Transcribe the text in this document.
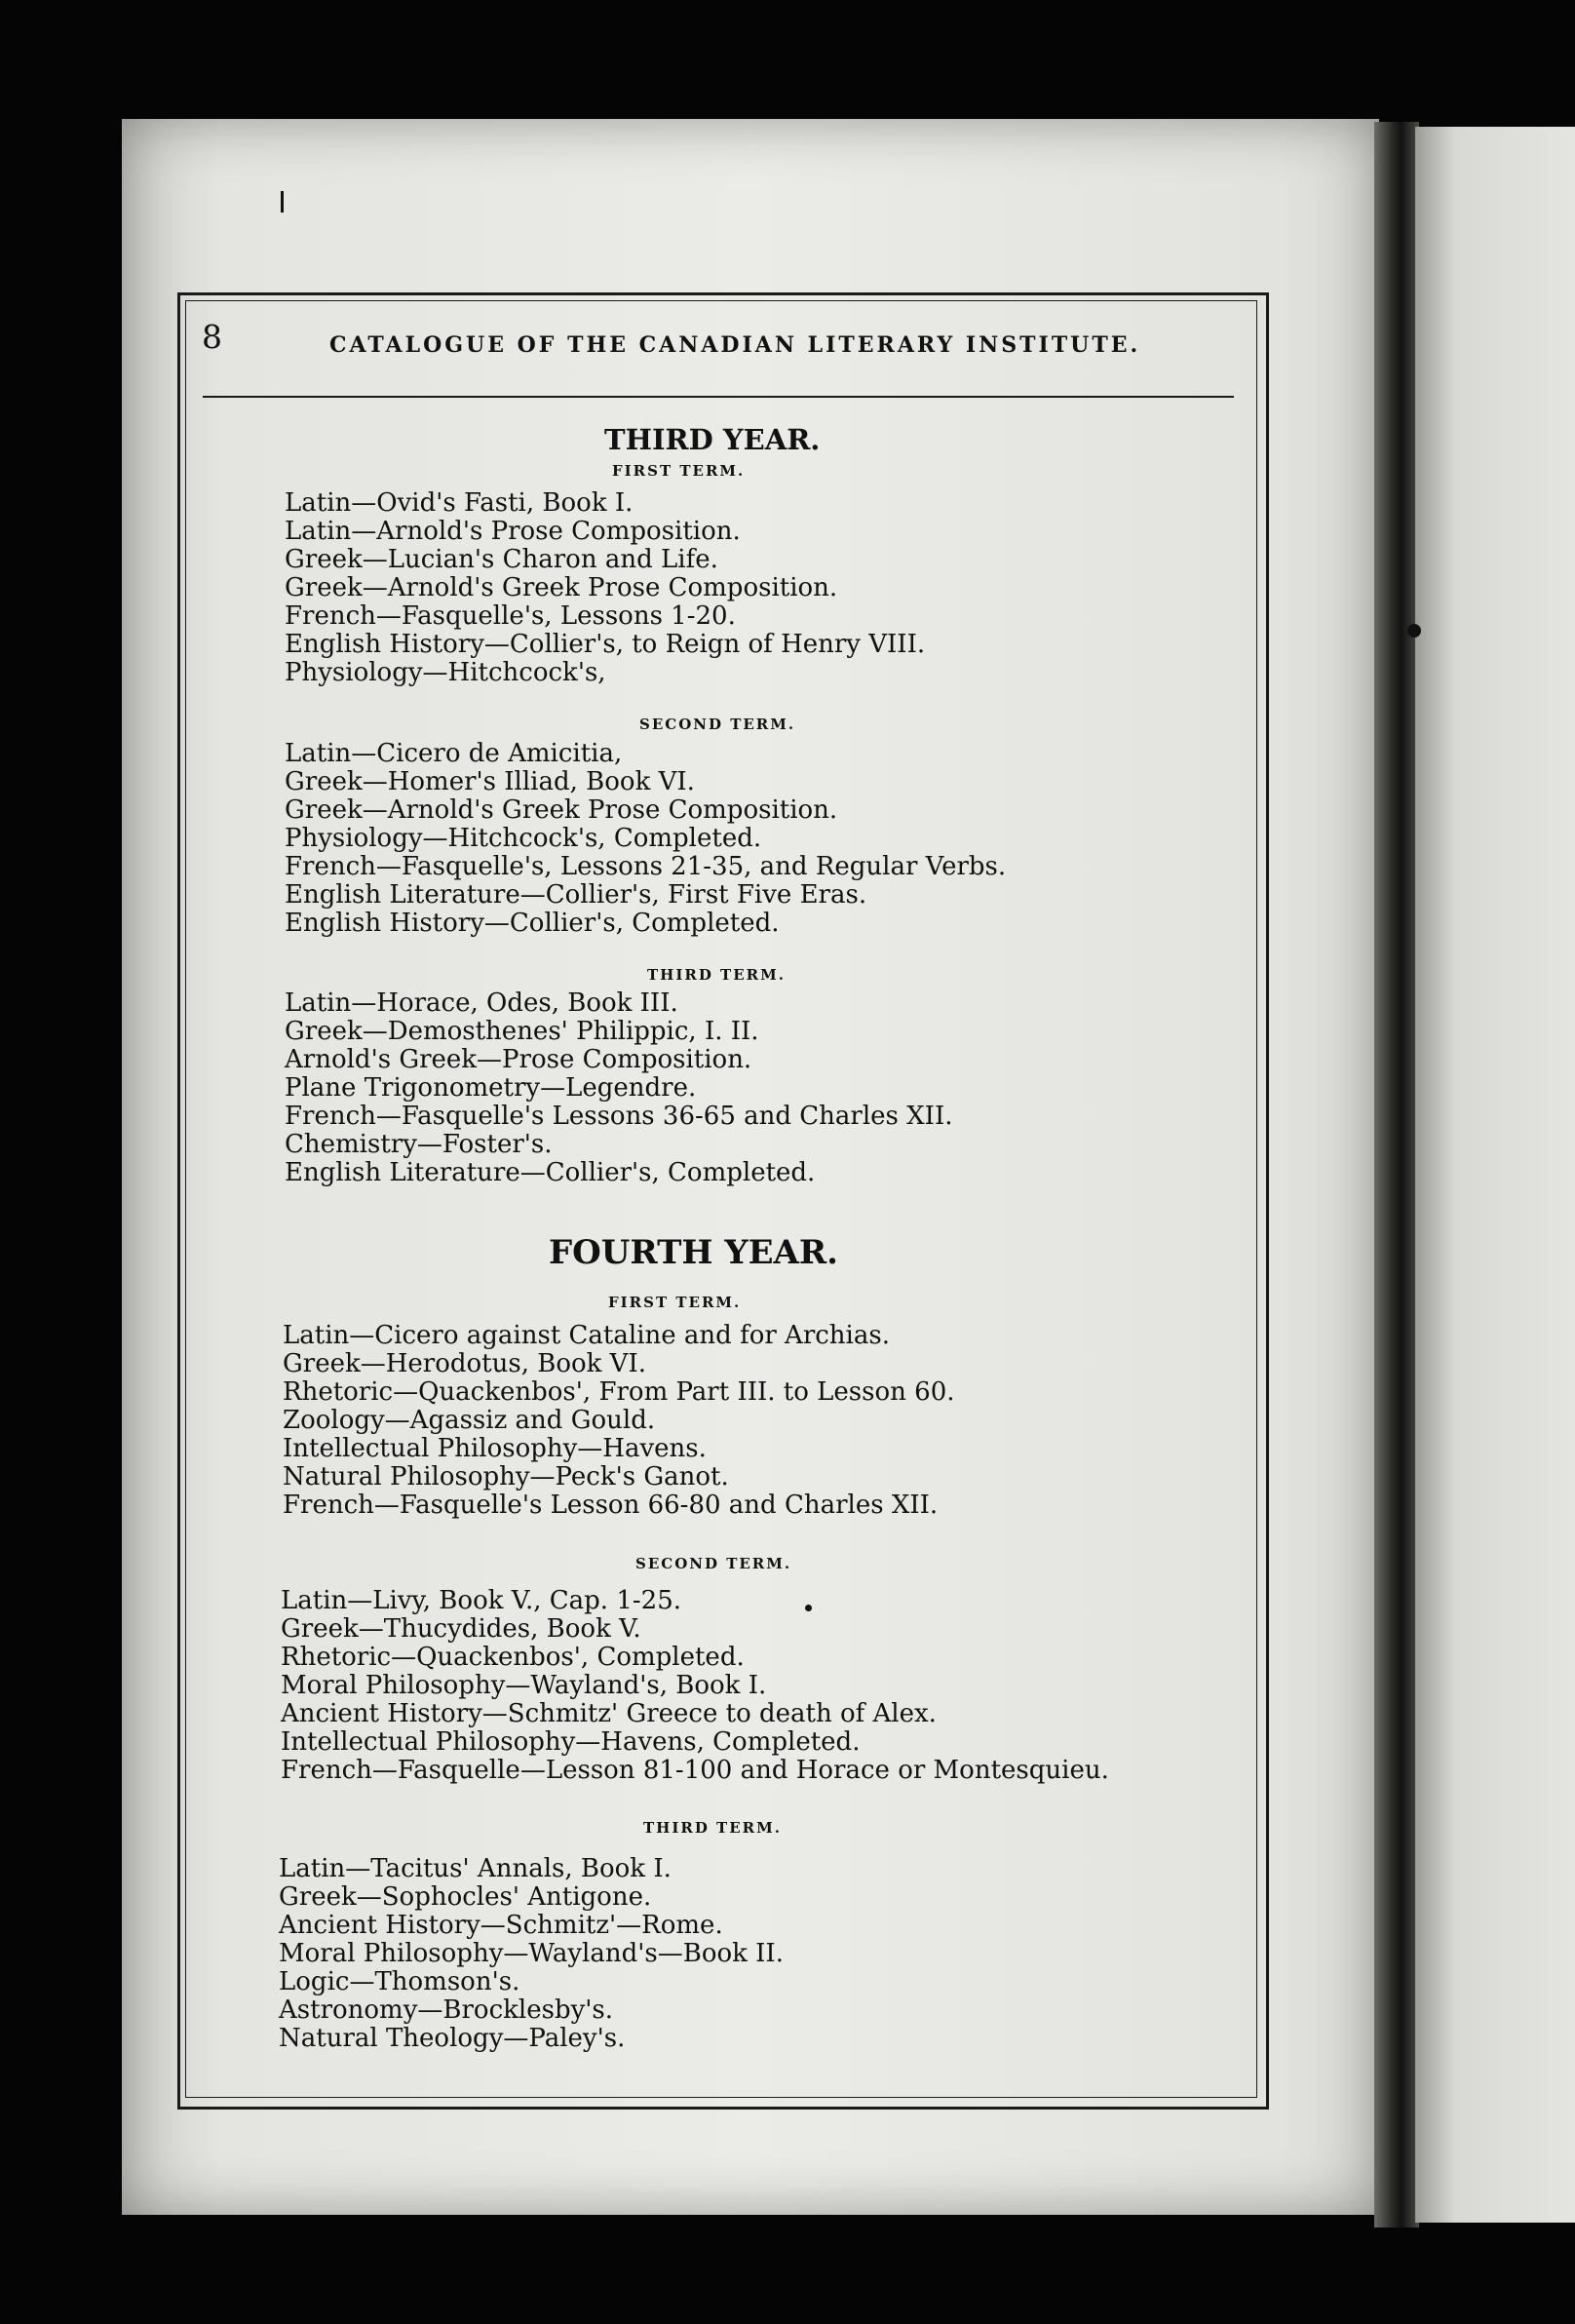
8	CATALOGUE OF THE CANADIAN LITERARY INSTITUTE.
THIRD YEAR.
FIRST TERM.
Latin—Ovid's Fasti, Book I.
Latin—Arnold's Prose Composition.
Greek—Lucian's Charon and Life.
Greek—Arnold's Greek Prose Composition.
French—Fasquelle's, Lessons 1-20.
English History—Collier's, to Reign of Henry VIII.
Physiology—Hitchcock's,
SECOND TERM.
Latin—Cicero de Amicitia,
Greek—Homer's Illiad, Book VI.
Greek—Arnold's Greek Prose Composition.
Physiology—Hitchcock's, Completed.
French—Fasquelle's, Lessons 21-35, and Regular Verbs.
English Literature—Collier's, First Five Eras.
English History—Collier's, Completed.
THIRD TERM.
Latin—Horace, Odes, Book III.
Greek—Demosthenes' Philippic, I. II.
Arnold's Greek—Prose Composition.
Plane Trigonometry—Legendre.
French—Fasquelle's Lessons 36-65 and Charles XII.
Chemistry—Foster's.
English Literature—Collier's, Completed.
FOURTH YEAR.
FIRST TERM.
Latin—Cicero against Cataline and for Archias.
Greek—Herodotus, Book VI.
Rhetoric—Quackenbos', From Part III. to Lesson 60.
Zoology—Agassiz and Gould.
Intellectual Philosophy—Havens.
Natural Philosophy—Peck's Ganot.
French—Fasquelle's Lesson 66-80 and Charles XII.
SECOND TERM.
Latin—Livy, Book V., Cap. 1-25.
Greek—Thucydides, Book V.
Rhetoric—Quackenbos', Completed.
Moral Philosophy—Wayland's, Book I.
Ancient History—Schmitz' Greece to death of Alex.
Intellectual Philosophy—Havens, Completed.
French—Fasquelle—Lesson 81-100 and Horace or Montesquieu.
THIRD TERM.
Latin—Tacitus' Annals, Book I.
Greek—Sophocles' Antigone.
Ancient History—Schmitz'—Rome.
Moral Philosophy—Wayland's—Book II.
Logic—Thomson's.
Astronomy—Brocklesby's.
Natural Theology—Paley's.
